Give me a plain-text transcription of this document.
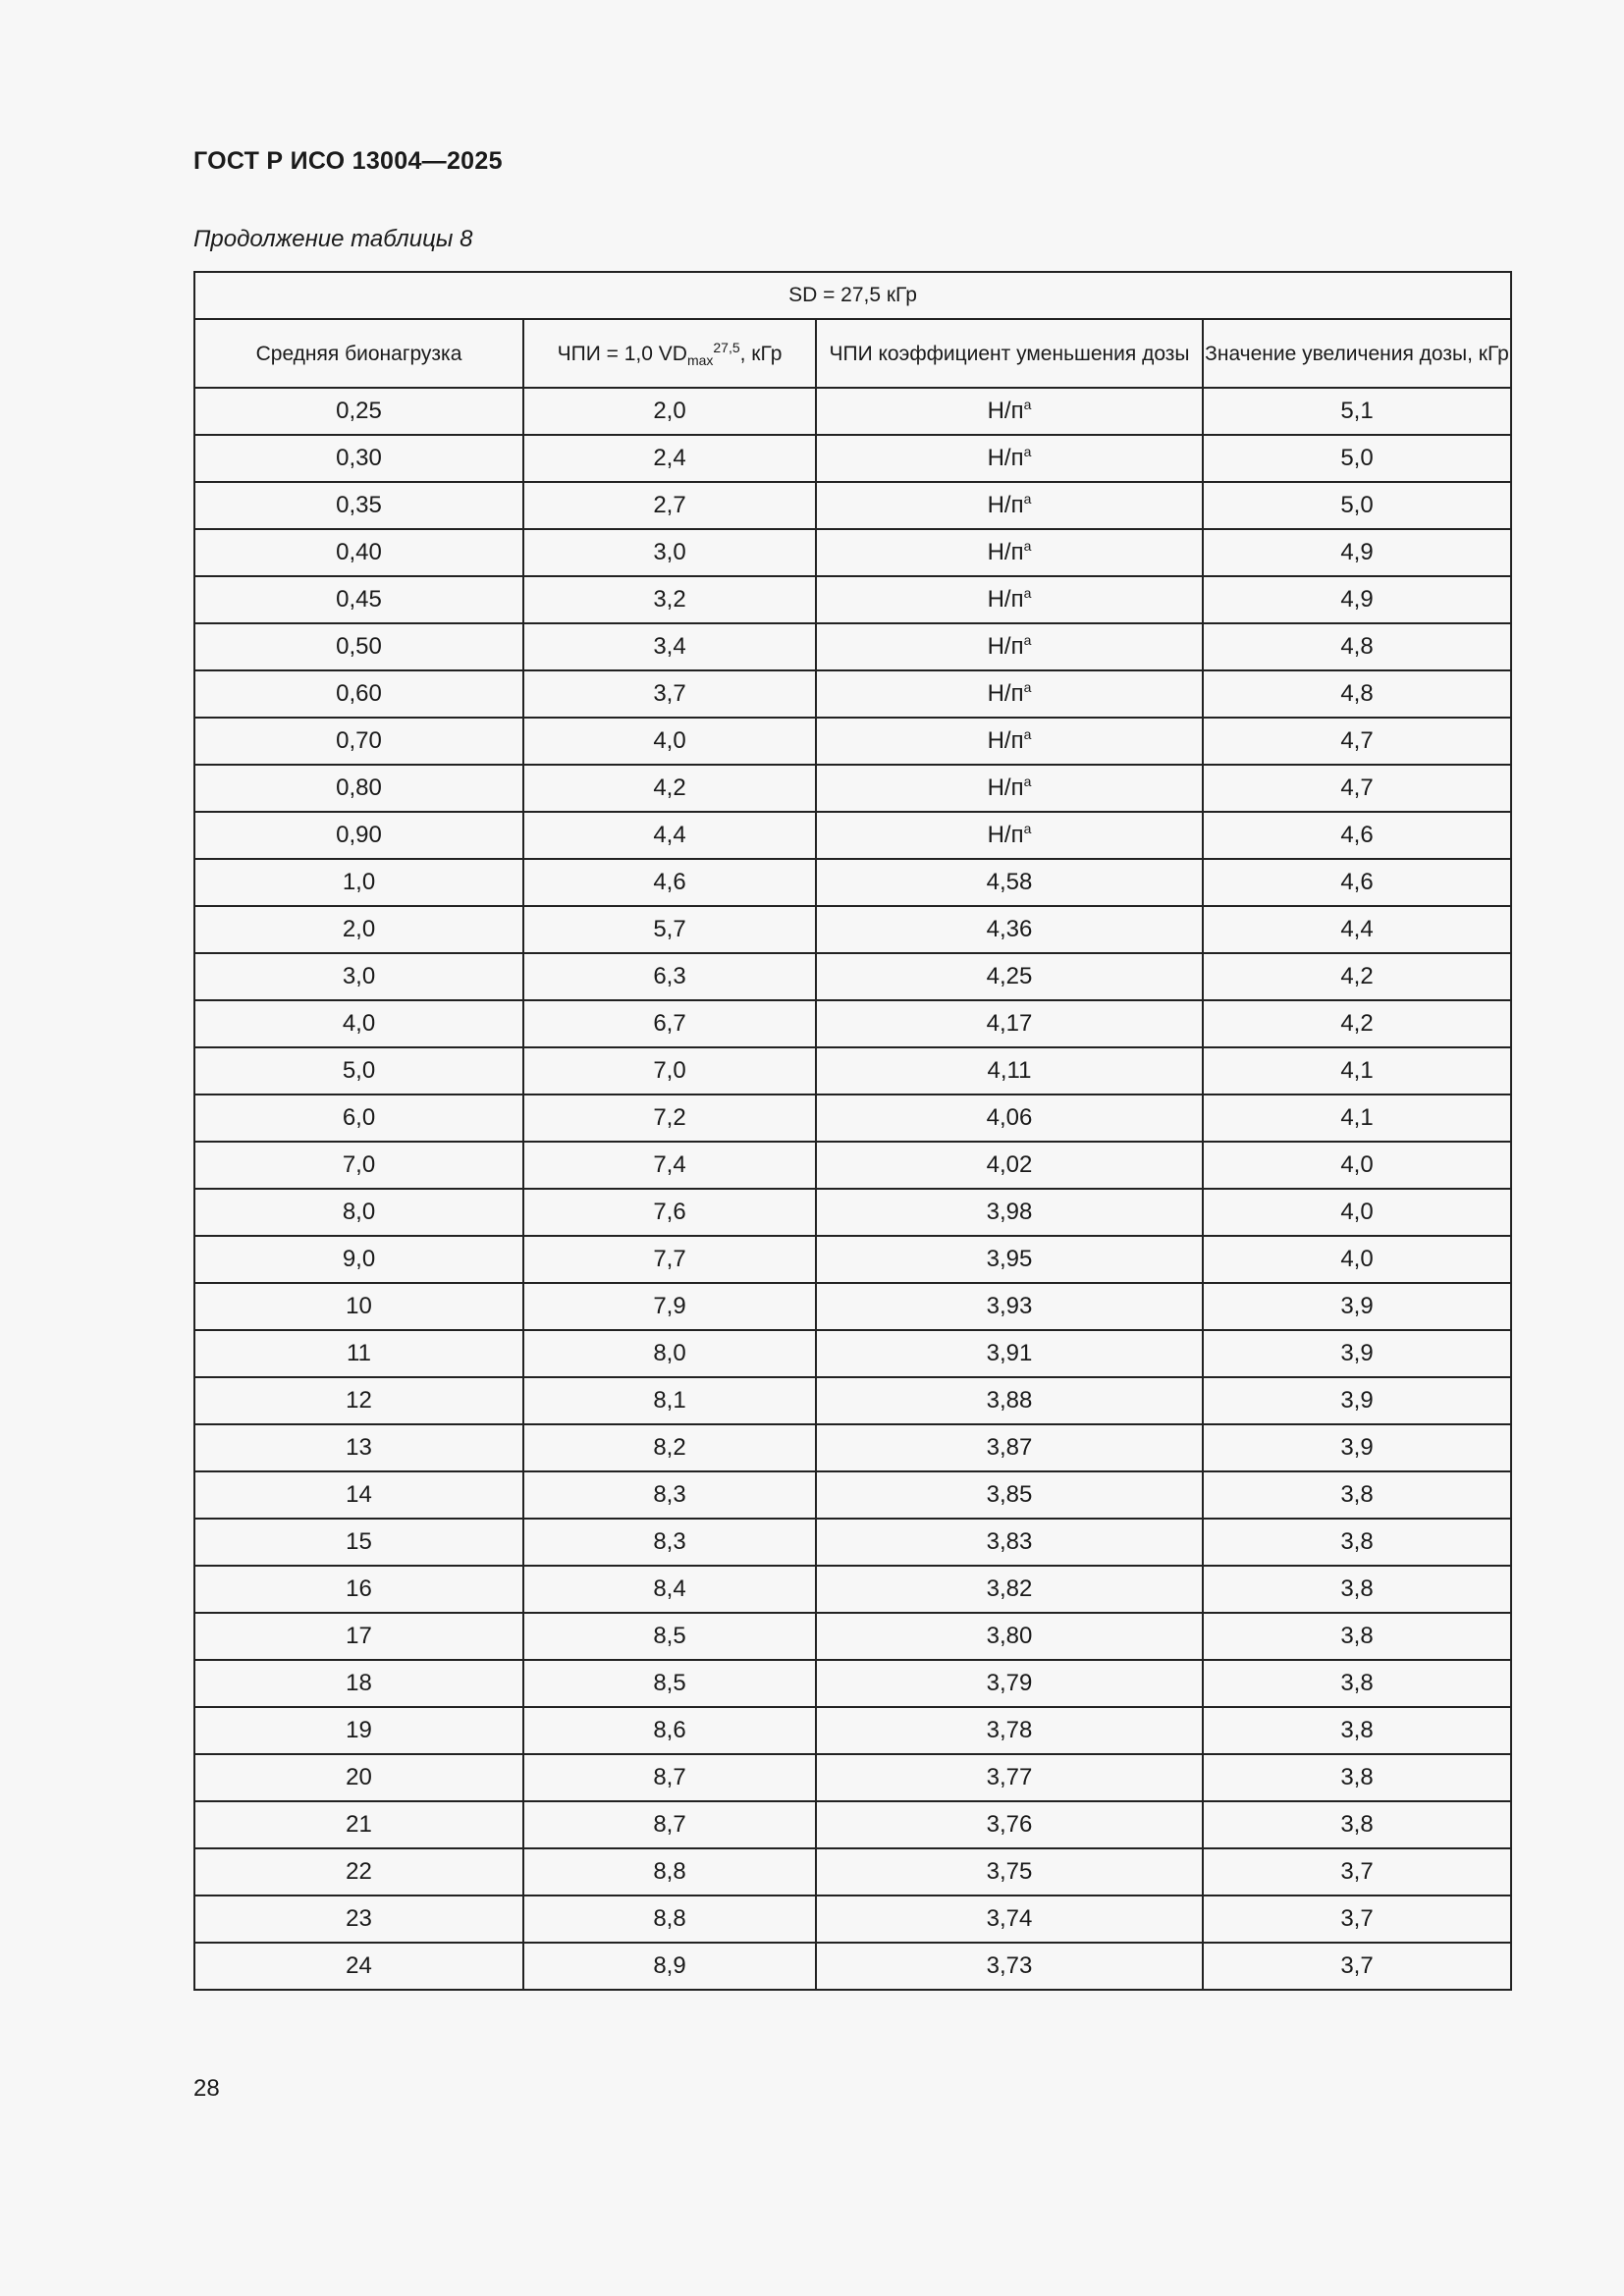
ГОСТ Р ИСО 13004—2025
Продолжение таблицы 8
SD = 27,5 кГр			
Средняя бионагрузка	ЧПИ = 1,0 $VD_{max}^{27,5}$, кГр	ЧПИ коэффициент уменьшения дозы	Значение увеличения дозы, кГр
0,25	2,0	$Н/п^a$	5,1
0,30	2,4	$Н/п^a$	5,0
0,35	2,7	$Н/п^a$	5,0
0,40	3,0	$Н/п^a$	4,9
0,45	3,2	$Н/п^a$	4,9
0,50	3,4	$Н/п^a$	4,8
0,60	3,7	$Н/п^a$	4,8
0,70	4,0	$Н/п^a$	4,7
0,80	4,2	$Н/п^a$	4,7
0,90	4,4	$Н/п^a$	4,6
1,0	4,6	4,58	4,6
2,0	5,7	4,36	4,4
3,0	6,3	4,25	4,2
4,0	6,7	4,17	4,2
5,0	7,0	4,11	4,1
6,0	7,2	4,06	4,1
7,0	7,4	4,02	4,0
8,0	7,6	3,98	4,0
9,0	7,7	3,95	4,0
10	7,9	3,93	3,9
11	8,0	3,91	3,9
12	8,1	3,88	3,9
13	8,2	3,87	3,9
14	8,3	3,85	3,8
15	8,3	3,83	3,8
16	8,4	3,82	3,8
17	8,5	3,80	3,8
18	8,5	3,79	3,8
19	8,6	3,78	3,8
20	8,7	3,77	3,8
21	8,7	3,76	3,8
22	8,8	3,75	3,7
23	8,8	3,74	3,7
24	8,9	3,73	3,7
28
